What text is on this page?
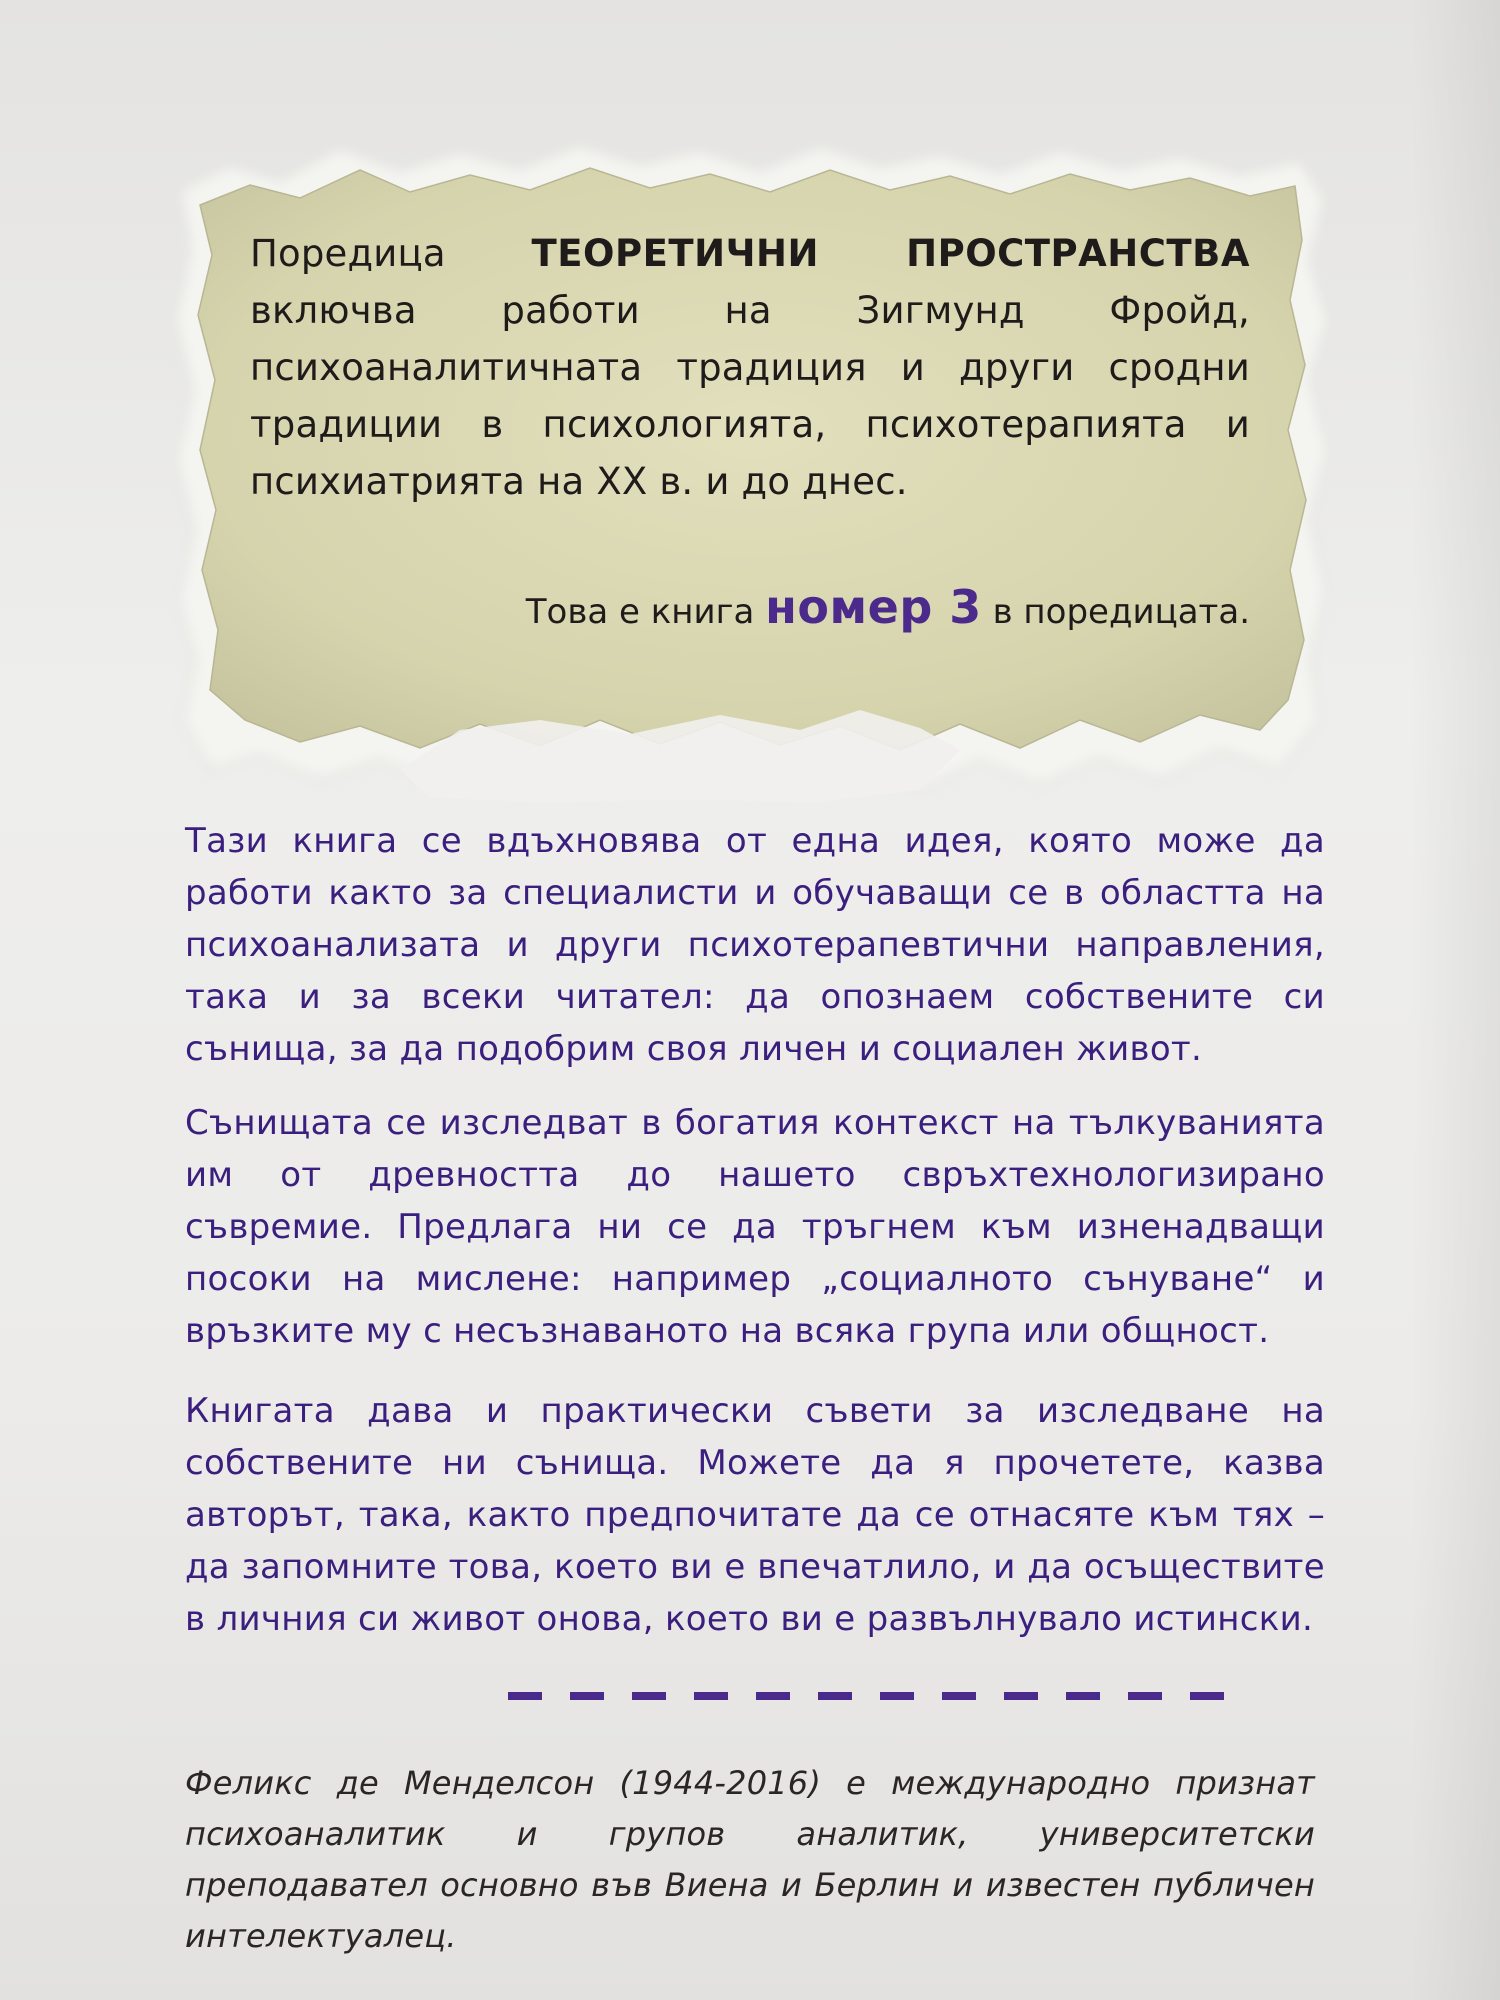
Поредица ТЕОРЕТИЧНИ ПРОСТРАНСТВА включва работи на Зигмунд Фройд, психоаналитичната традиция и други сродни традиции в психологията, психотерапията и психиатрията на XX в. и до днес.
Това е книга номер 3 в поредицата.
Тази книга се вдъхновява от една идея, която може да работи както за специалисти и обучаващи се в областта на психоанализата и други психотерапевтични направления, така и за всеки читател: да опознаем собствените си сънища, за да подобрим своя личен и социален живот.
Сънищата се изследват в богатия контекст на тълкуванията им от древността до нашето свръхтехнологизирано съвремие. Предлага ни се да тръгнем към изненадващи посоки на мислене: например „социалното сънуване“ и връзките му с несъзнаваното на всяка група или общност.
Книгата дава и практически съвети за изследване на собствените ни сънища. Можете да я прочетете, казва авторът, така, както предпочитате да се отнасяте към тях – да запомните това, което ви е впечатлило, и да осъществите в личния си живот онова, което ви е развълнувало истински.
Феликс де Менделсон (1944-2016) е международно признат психоаналитик и групов аналитик, университетски преподавател основно във Виена и Берлин и известен публичен интелектуалец.
